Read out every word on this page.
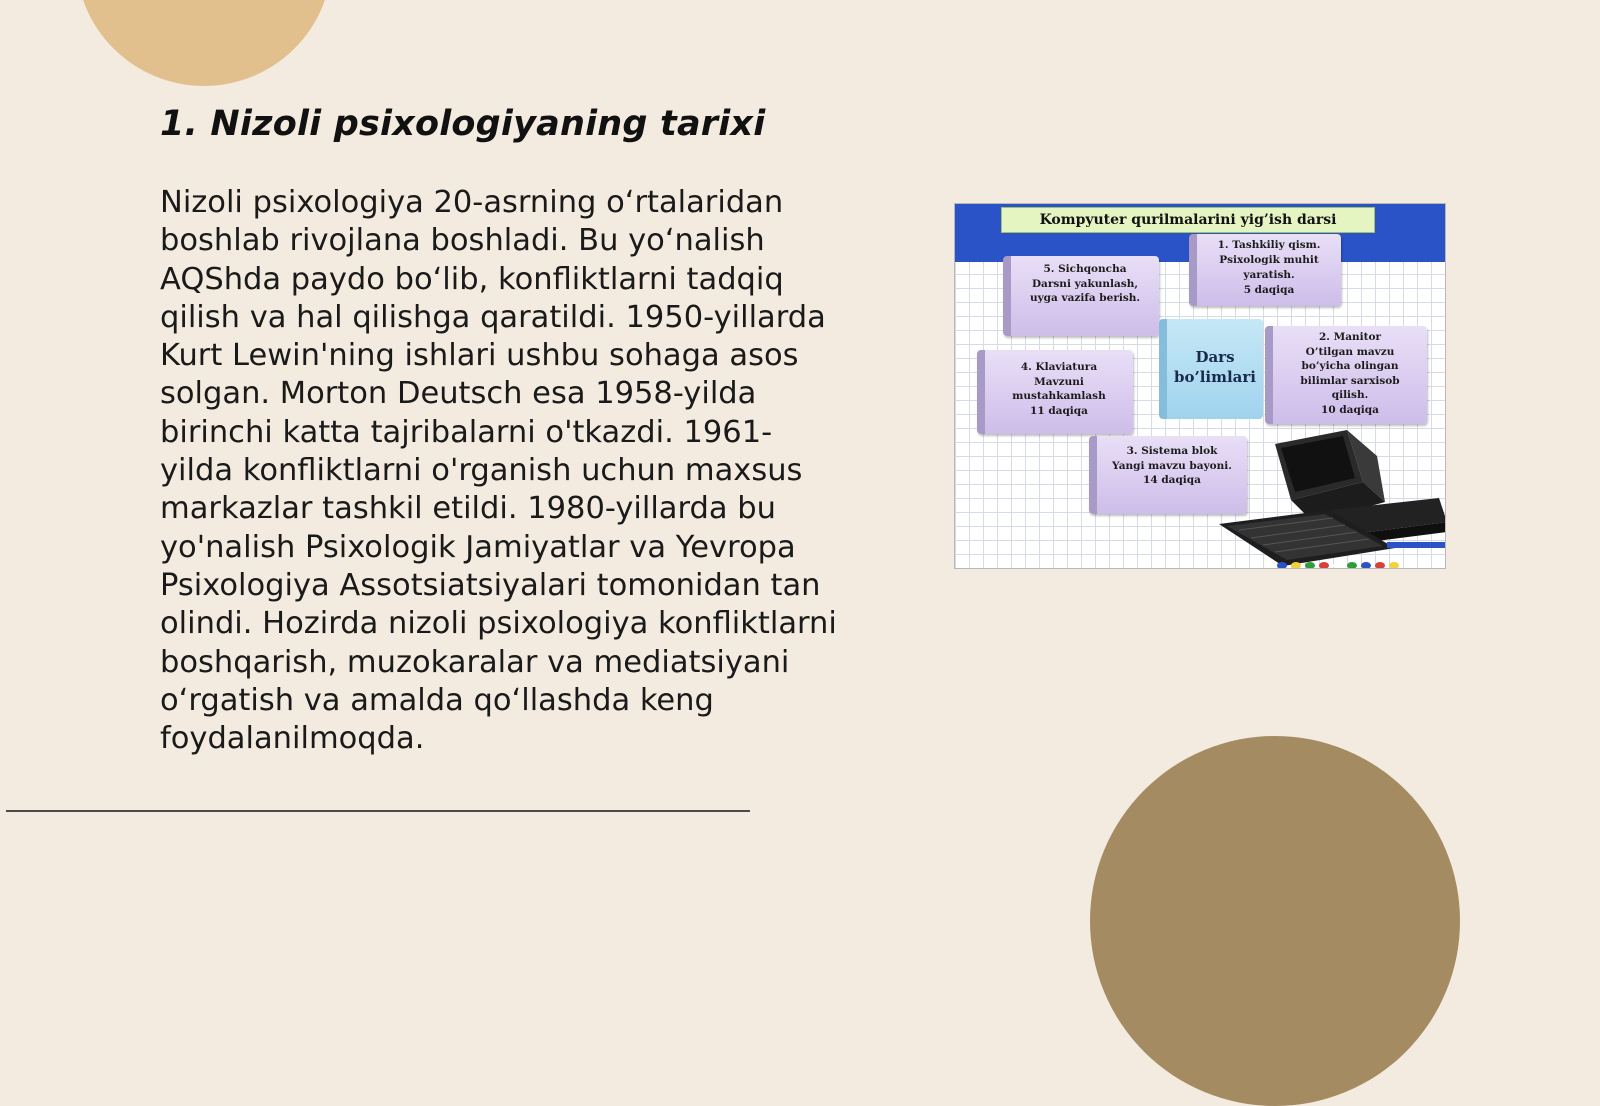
1. Nizoli psixologiyaning tarixi

Nizoli psixologiya 20-asrning oʻrtalaridan boshlab rivojlana boshladi. Bu yoʻnalish AQShda paydo boʻlib, konfliktlarni tadqiq qilish va hal qilishga qaratildi. 1950-yillarda Kurt Lewin'ning ishlari ushbu sohaga asos solgan. Morton Deutsch esa 1958-yilda birinchi katta tajribalarni o'tkazdi. 1961-yilda konfliktlarni o'rganish uchun maxsus markazlar tashkil etildi. 1980-yillarda bu yo'nalish Psixologik Jamiyatlar va Yevropa Psixologiya Assotsiatsiyalari tomonidan tan olindi. Hozirda nizoli psixologiya konfliktlarni boshqarish, muzokaralar va mediatsiyani oʻrgatish va amalda qoʻllashda keng foydalanilmoqda.

Kompyuter qurilmalarini yig’ish darsi
5. Sichqoncha
Darsni yakunlash,
uyga vazifa berish.
1. Tashkiliy qism.
Psixologik muhit
yaratish.
5 daqiqa
4. Klaviatura
Mavzuni
mustahkamlash
11 daqiqa
Dars
bo’limlari
2. Manitor
O’tilgan mavzu
bo’yicha olingan
bilimlar sarxisob
qilish.
10 daqiqa
3. Sistema blok
Yangi mavzu bayoni.
14 daqiqa
